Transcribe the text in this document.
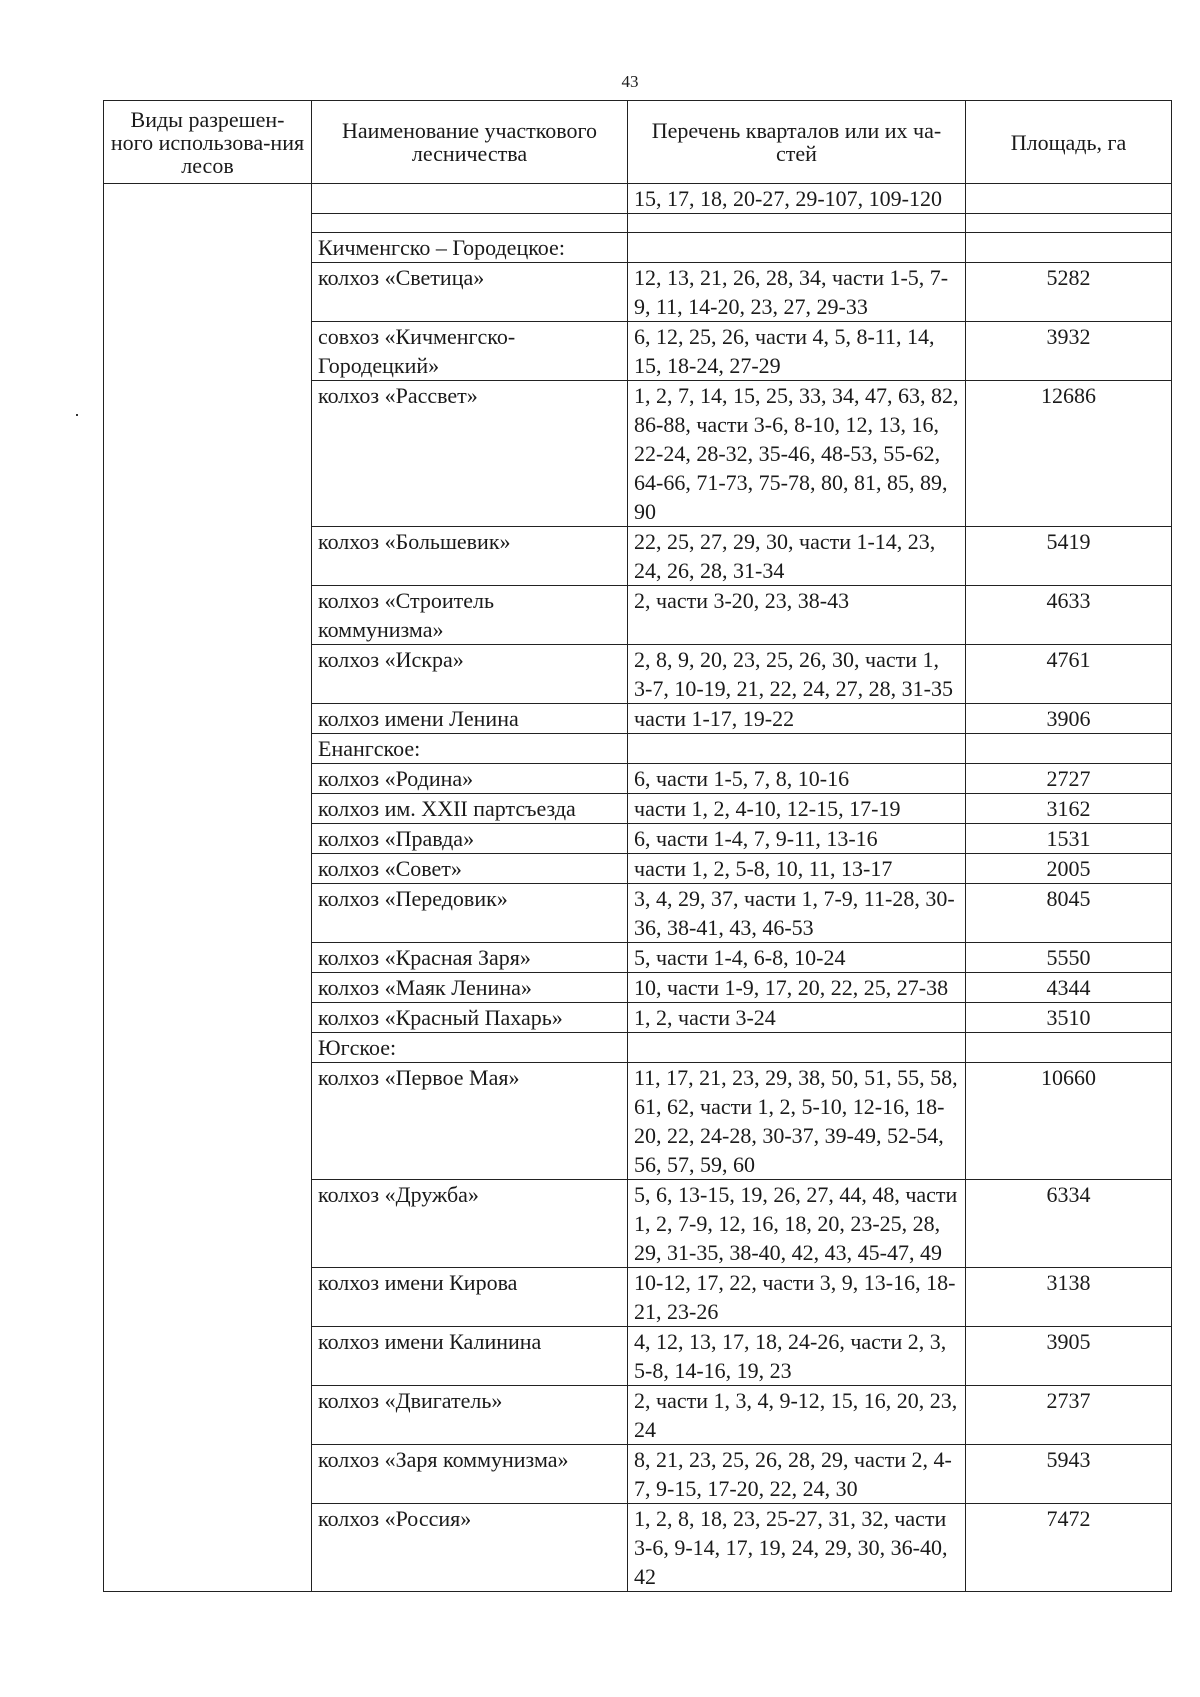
43
Виды разрешен-ного использова-ния лесов	Наименование участкового лесничества	Перечень кварталов или их ча-стей	Площадь, га
		15, 17, 18, 20-27, 29-107, 109-120	

	Кичменгско – Городецкое:		
	колхоз «Светица»	12, 13, 21, 26, 28, 34, части 1-5, 7-9, 11, 14-20, 23, 27, 29-33	5282
	совхоз «Кичменгско-Городецкий»	6, 12, 25, 26, части 4, 5, 8-11, 14, 15, 18-24, 27-29	3932
	колхоз «Рассвет»	1, 2, 7, 14, 15, 25, 33, 34, 47, 63, 82, 86-88, части 3-6, 8-10, 12, 13, 16, 22-24, 28-32, 35-46, 48-53, 55-62, 64-66, 71-73, 75-78, 80, 81, 85, 89, 90	12686
	колхоз «Большевик»	22, 25, 27, 29, 30, части 1-14, 23, 24, 26, 28, 31-34	5419
	колхоз «Строитель коммунизма»	2, части 3-20, 23, 38-43	4633
	колхоз «Искра»	2, 8, 9, 20, 23, 25, 26, 30, части 1, 3-7, 10-19, 21, 22, 24, 27, 28, 31-35	4761
	колхоз имени Ленина	части 1-17, 19-22	3906
	Енангское:		
	колхоз «Родина»	6, части 1-5, 7, 8, 10-16	2727
	колхоз им. XXII партсъезда	части 1, 2, 4-10, 12-15, 17-19	3162
	колхоз «Правда»	6, части 1-4, 7, 9-11, 13-16	1531
	колхоз «Совет»	части 1, 2, 5-8, 10, 11, 13-17	2005
	колхоз «Передовик»	3, 4, 29, 37, части 1, 7-9, 11-28, 30-36, 38-41, 43, 46-53	8045
	колхоз «Красная Заря»	5, части 1-4, 6-8, 10-24	5550
	колхоз «Маяк Ленина»	10, части 1-9, 17, 20, 22, 25, 27-38	4344
	колхоз «Красный Пахарь»	1, 2, части 3-24	3510
	Югское:		
	колхоз «Первое Мая»	11, 17, 21, 23, 29, 38, 50, 51, 55, 58, 61, 62, части 1, 2, 5-10, 12-16, 18-20, 22, 24-28, 30-37, 39-49, 52-54, 56, 57, 59, 60	10660
	колхоз «Дружба»	5, 6, 13-15, 19, 26, 27, 44, 48, части 1, 2, 7-9, 12, 16, 18, 20, 23-25, 28, 29, 31-35, 38-40, 42, 43, 45-47, 49	6334
	колхоз имени Кирова	10-12, 17, 22, части 3, 9, 13-16, 18-21, 23-26	3138
	колхоз имени Калинина	4, 12, 13, 17, 18, 24-26, части 2, 3, 5-8, 14-16, 19, 23	3905
	колхоз «Двигатель»	2, части 1, 3, 4, 9-12, 15, 16, 20, 23, 24	2737
	колхоз «Заря коммунизма»	8, 21, 23, 25, 26, 28, 29, части 2, 4-7, 9-15, 17-20, 22, 24, 30	5943
	колхоз «Россия»	1, 2, 8, 18, 23, 25-27, 31, 32, части 3-6, 9-14, 17, 19, 24, 29, 30, 36-40, 42	7472
